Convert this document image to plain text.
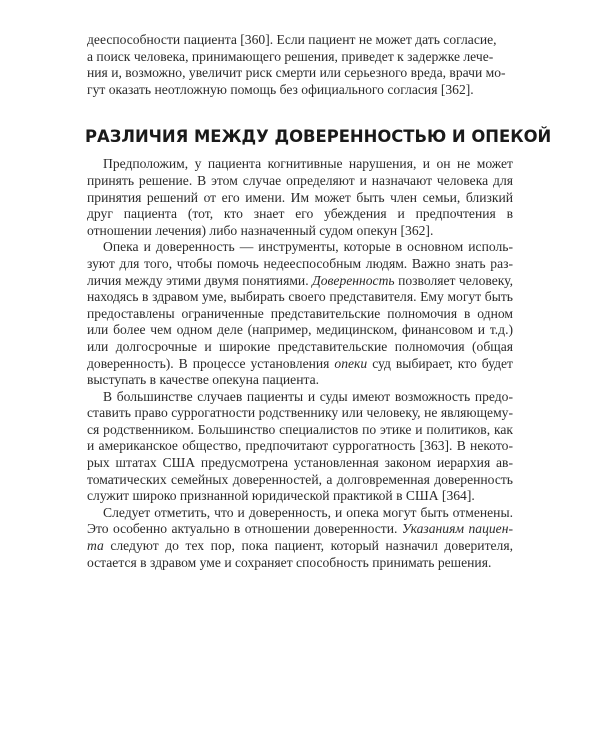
дееспособности пациента [360]. Если пациент не может дать согласие,
а поиск человека, принимающего решения, приведет к задержке лече-
ния и, возможно, увеличит риск смерти или серьезного вреда, врачи мо-
гут оказать неотложную помощь без официального согласия [362].

РАЗЛИЧИЯ МЕЖДУ ДОВЕРЕННОСТЬЮ И ОПЕКОЙ

Предположим, у пациента когнитивные нарушения, и он не может принять решение. В этом случае определяют и назначают человека для принятия решений от его имени. Им может быть член семьи, близкий друг пациента (тот, кто знает его убеждения и предпочтения в отношении лечения) либо назначенный судом опекун [362].

Опека и доверенность — инструменты, которые в основном используют для того, чтобы помочь недееспособным людям. Важно знать различия между этими двумя понятиями. Доверенность позволяет человеку, находясь в здравом уме, выбирать своего представителя. Ему могут быть предоставлены ограниченные представительские полномочия в одном или более чем одном деле (например, медицинском, финансовом и т.д.) или долгосрочные и широкие представительские полномочия (общая доверенность). В процессе установления опеки суд выбирает, кто будет выступать в качестве опекуна пациента.

В большинстве случаев пациенты и суды имеют возможность предоставить право суррогатности родственнику или человеку, не являющемуся родственником. Большинство специалистов по этике и политиков, как и американское общество, предпочитают суррогатность [363]. В некоторых штатах США предусмотрена установленная законом иерархия автоматических семейных доверенностей, а долговременная доверенность служит широко признанной юридической практикой в США [364].

Следует отметить, что и доверенность, и опека могут быть отменены. Это особенно актуально в отношении доверенности. Указаниям пациента следуют до тех пор, пока пациент, который назначил доверителя, остается в здравом уме и сохраняет способность принимать решения.
